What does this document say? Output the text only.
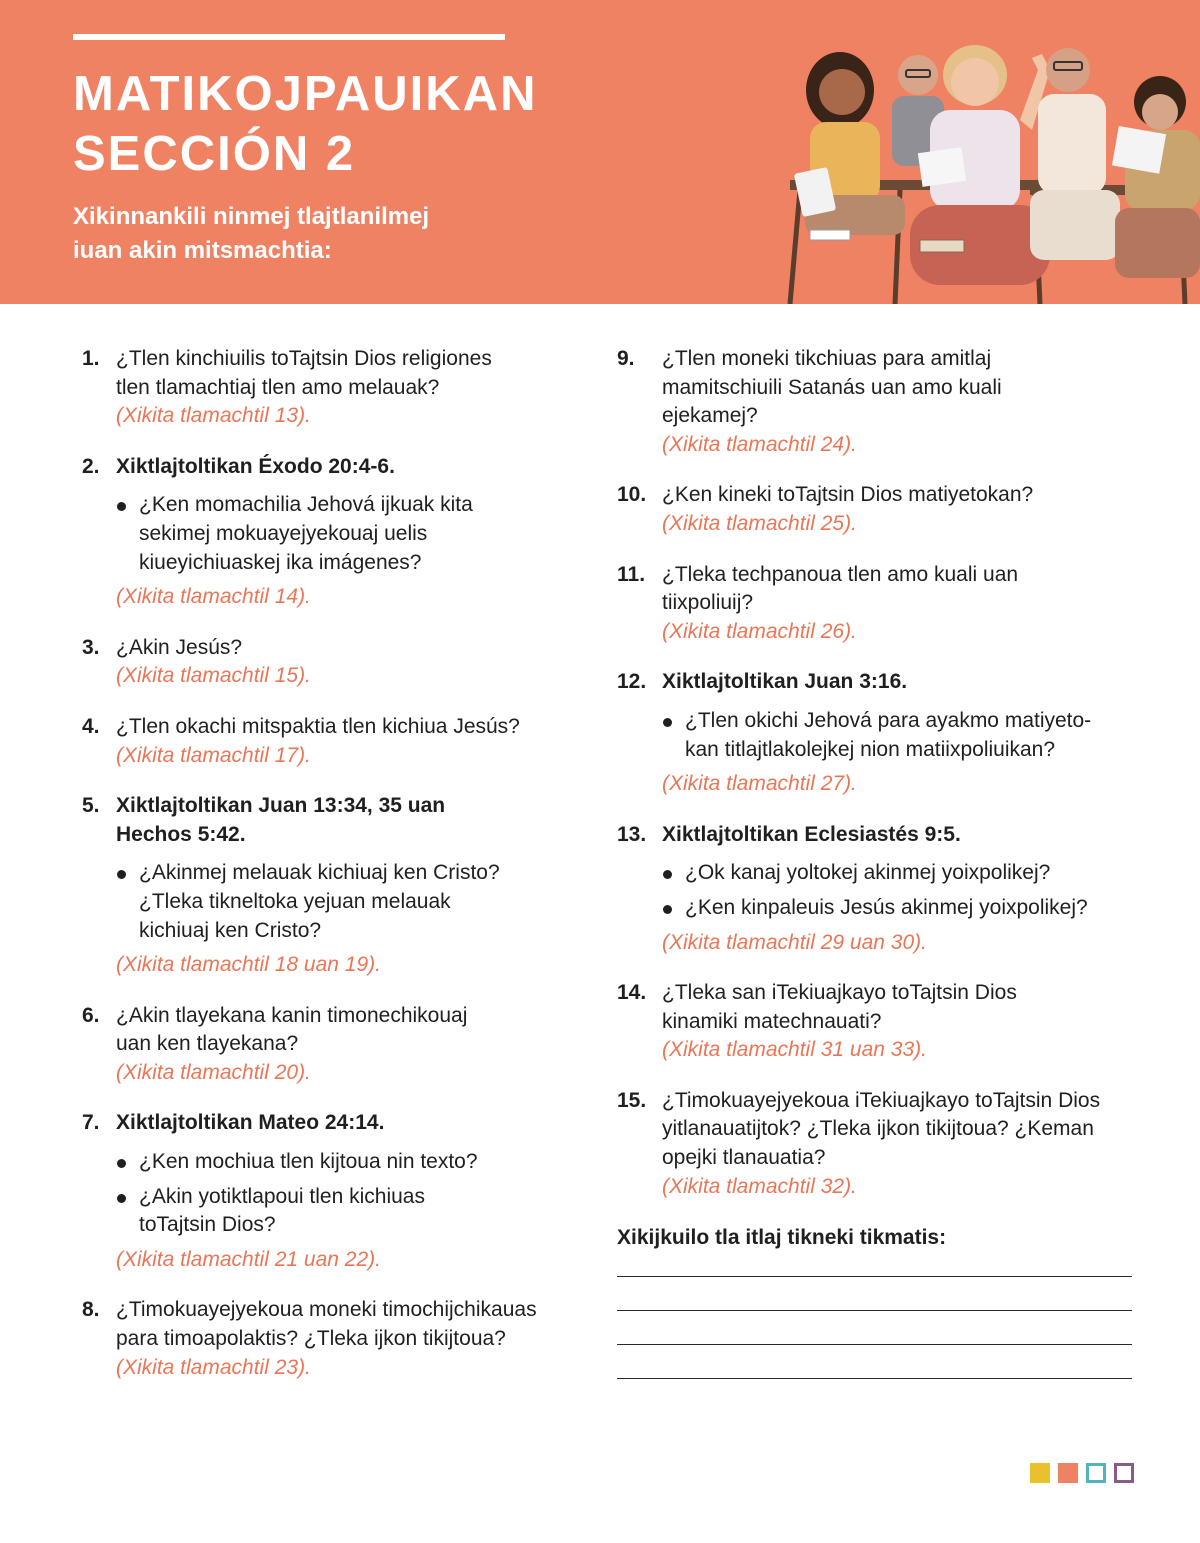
MATIKOJPAUIKAN
SECCIÓN 2
Xikinnankili ninmej tlajtlanilmej
iuan akin mitsmachtia:
1. ¿Tlen kinchiuilis toTajtsin Dios religiones
tlen tlamachtiaj tlen amo melauak?
(Xikita tlamachtil 13).
2. Xiktlajtoltikan Éxodo 20:4-6.
¿Ken momachilia Jehová ijkuak kita
sekimej mokuayejyekouaj uelis
kiueyichiuaskej ika imágenes?
(Xikita tlamachtil 14).
3. ¿Akin Jesús?
(Xikita tlamachtil 15).
4. ¿Tlen okachi mitspaktia tlen kichiua Jesús?
(Xikita tlamachtil 17).
5. Xiktlajtoltikan Juan 13:34, 35 uan
Hechos 5:42.
¿Akinmej melauak kichiuaj ken Cristo?
¿Tleka tikneltoka yejuan melauak
kichiuaj ken Cristo?
(Xikita tlamachtil 18 uan 19).
6. ¿Akin tlayekana kanin timonechikouaj
uan ken tlayekana?
(Xikita tlamachtil 20).
7. Xiktlajtoltikan Mateo 24:14.
¿Ken mochiua tlen kijtoua nin texto?
¿Akin yotiktlapoui tlen kichiuas
toTajtsin Dios?
(Xikita tlamachtil 21 uan 22).
8. ¿Timokuayejyekoua moneki timochijchikauas
para timoapolaktis? ¿Tleka ijkon tikijtoua?
(Xikita tlamachtil 23).
9. ¿Tlen moneki tikchiuas para amitlaj
mamitschiuili Satanás uan amo kuali
ejekamej?
(Xikita tlamachtil 24).
10. ¿Ken kineki toTajtsin Dios matiyetokan?
(Xikita tlamachtil 25).
11. ¿Tleka techpanoua tlen amo kuali uan
tiixpoliuij?
(Xikita tlamachtil 26).
12. Xiktlajtoltikan Juan 3:16.
¿Tlen okichi Jehová para ayakmo matiyeto-
kan titlajtlakolejkej nion matiixpoliuikan?
(Xikita tlamachtil 27).
13. Xiktlajtoltikan Eclesiastés 9:5.
¿Ok kanaj yoltokej akinmej yoixpolikej?
¿Ken kinpaleuis Jesús akinmej yoixpolikej?
(Xikita tlamachtil 29 uan 30).
14. ¿Tleka san iTekiuajkayo toTajtsin Dios
kinamiki matechnauati?
(Xikita tlamachtil 31 uan 33).
15. ¿Timokuayejyekoua iTekiuajkayo toTajtsin Dios
yitlanauatijtok? ¿Tleka ijkon tikijtoua? ¿Keman
opejki tlanauatia?
(Xikita tlamachtil 32).
Xikijkuilo tla itlaj tikneki tikmatis:
